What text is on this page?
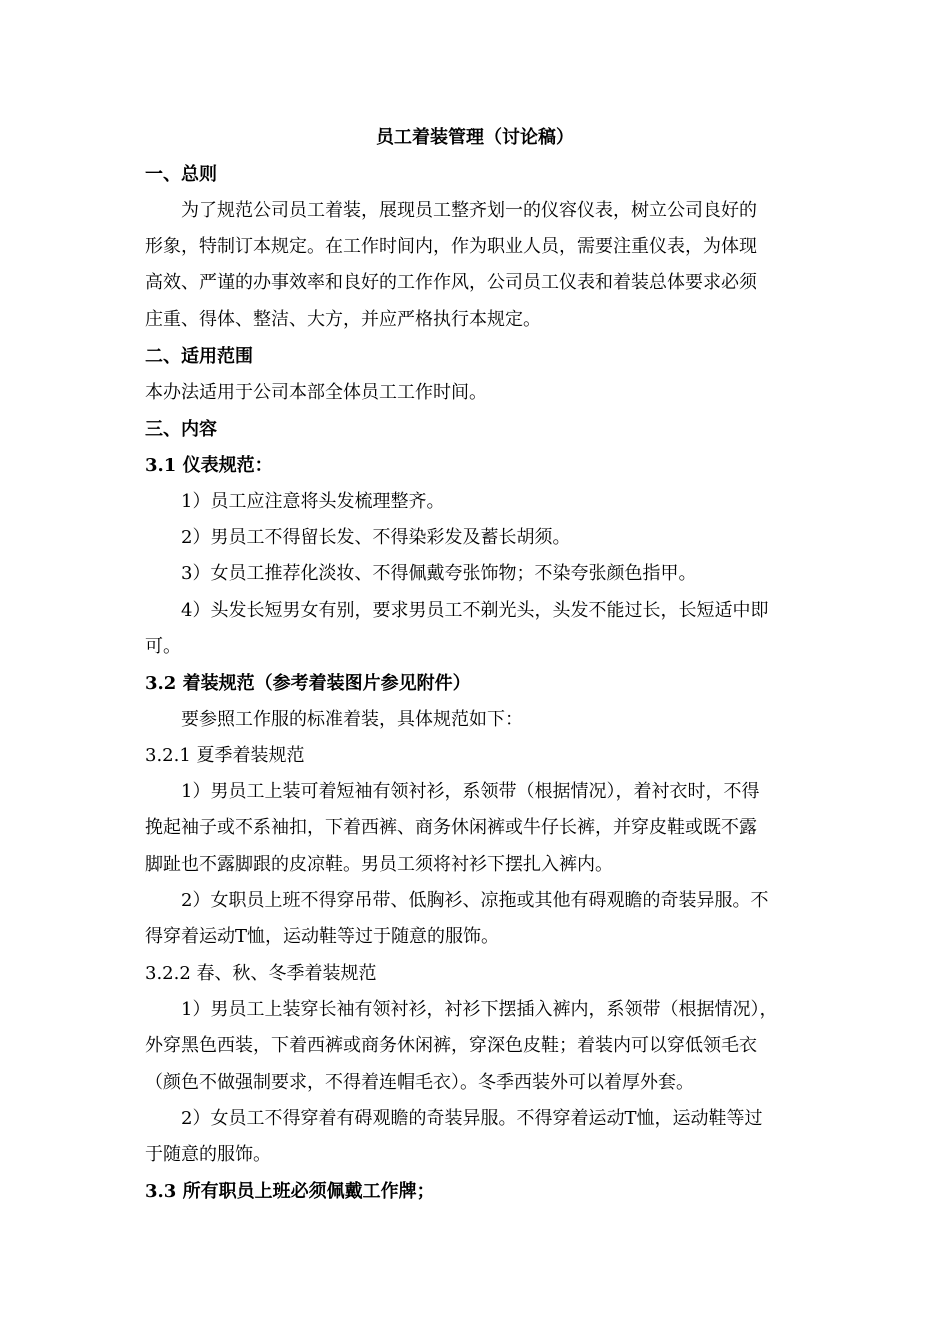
员工着装管理（讨论稿）
一、总则
为了规范公司员工着装，展现员工整齐划一的仪容仪表，树立公司良好的
形象，特制订本规定。在工作时间内，作为职业人员，需要注重仪表，为体现
高效、严谨的办事效率和良好的工作作风，公司员工仪表和着装总体要求必须
庄重、得体、整洁、大方，并应严格执行本规定。
二、适用范围
本办法适用于公司本部全体员工工作时间。
三、内容
3.1 仪表规范：
1）员工应注意将头发梳理整齐。
2）男员工不得留长发、不得染彩发及蓄长胡须。
3）女员工推荐化淡妆、不得佩戴夸张饰物；不染夸张颜色指甲。
4）头发长短男女有别，要求男员工不剃光头，头发不能过长，长短适中即
可。
3.2 着装规范（参考着装图片参见附件）
要参照工作服的标准着装，具体规范如下：
3.2.1 夏季着装规范
1）男员工上装可着短袖有领衬衫，系领带（根据情况），着衬衣时，不得
挽起袖子或不系袖扣，下着西裤、商务休闲裤或牛仔长裤，并穿皮鞋或既不露
脚趾也不露脚跟的皮凉鞋。男员工须将衬衫下摆扎入裤内。
2）女职员上班不得穿吊带、低胸衫、凉拖或其他有碍观瞻的奇装异服。不
得穿着运动T恤，运动鞋等过于随意的服饰。
3.2.2 春、秋、冬季着装规范
1）男员工上装穿长袖有领衬衫，衬衫下摆插入裤内，系领带（根据情况），
外穿黑色西装，下着西裤或商务休闲裤，穿深色皮鞋；着装内可以穿低领毛衣
（颜色不做强制要求，不得着连帽毛衣）。冬季西装外可以着厚外套。
2）女员工不得穿着有碍观瞻的奇装异服。不得穿着运动T恤，运动鞋等过
于随意的服饰。
3.3 所有职员上班必须佩戴工作牌；
